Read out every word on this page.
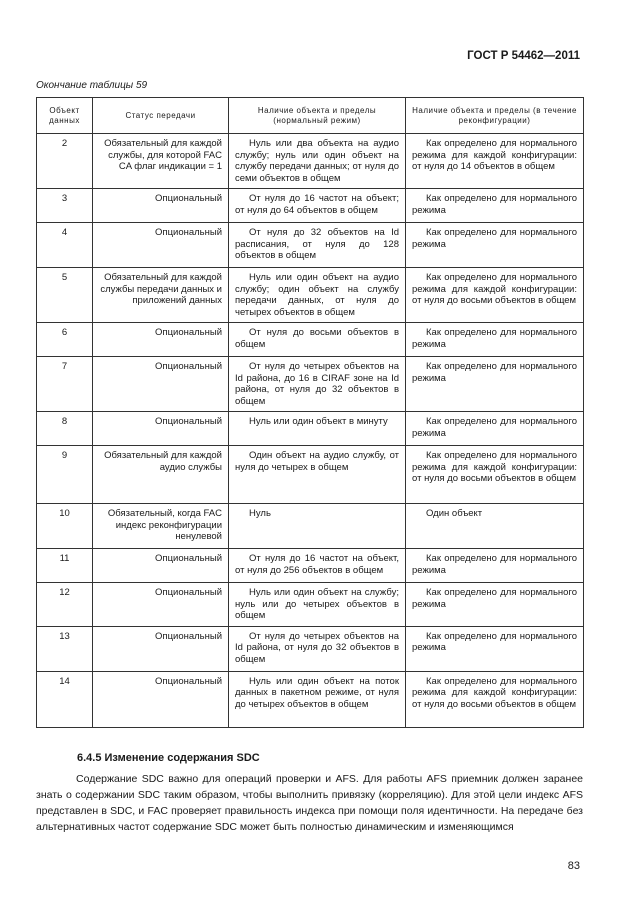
ГОСТ Р 54462—2011
Окончание таблицы 59
Объект данных	Статус передачи	Наличие объекта и пределы (нормальный режим)	Наличие объекта и пределы (в течение реконфигурации)
2	Обязательный для каждой службы, для которой FAC CA флаг индикации = 1	Нуль или два объекта на аудио службу; нуль или один объект на службу передачи данных; от нуля до семи объектов в общем	Как определено для нормального режима для каждой конфигурации: от нуля до 14 объектов в общем
3	Опциональный	От нуля до 16 частот на объект; от нуля до 64 объектов в общем	Как определено для нормального режима
4	Опциональный	От нуля до 32 объектов на Id расписания, от нуля до 128 объектов в общем	Как определено для нормального режима
5	Обязательный для каждой службы передачи данных и приложений данных	Нуль или один объект на аудио службу; один объект на службу передачи данных, от нуля до четырех объектов в общем	Как определено для нормального режима для каждой конфигурации: от нуля до восьми объектов в общем
6	Опциональный	От нуля до восьми объектов в общем	Как определено для нормального режима
7	Опциональный	От нуля до четырех объектов на Id района, до 16 в CIRAF зоне на Id района, от нуля до 32 объектов в общем	Как определено для нормального режима
8	Опциональный	Нуль или один объект в минуту	Как определено для нормального режима
9	Обязательный для каждой аудио службы	Один объект на аудио службу, от нуля до четырех в общем	Как определено для нормального режима для каждой конфигурации: от нуля до восьми объектов в общем
10	Обязательный, когда FAC индекс реконфигурации ненулевой	Нуль	Один объект
11	Опциональный	От нуля до 16 частот на объект, от нуля до 256 объектов в общем	Как определено для нормального режима
12	Опциональный	Нуль или один объект на службу; нуль или до четырех объектов в общем	Как определено для нормального режима
13	Опциональный	От нуля до четырех объектов на Id района, от нуля до 32 объектов в общем	Как определено для нормального режима
14	Опциональный	Нуль или один объект на поток данных в пакетном режиме, от нуля до четырех объектов в общем	Как определено для нормального режима для каждой конфигурации: от нуля до восьми объектов в общем
6.4.5 Изменение содержания SDC
Содержание SDC важно для операций проверки и AFS. Для работы AFS приемник должен заранее знать о содержании SDC таким образом, чтобы выполнить привязку (корреляцию). Для этой цели индекс AFS представлен в SDC, и FAC проверяет правильность индекса при помощи поля идентичности. На передаче без альтернативных частот содержание SDC может быть полностью динамическим и изменяющимся
83
